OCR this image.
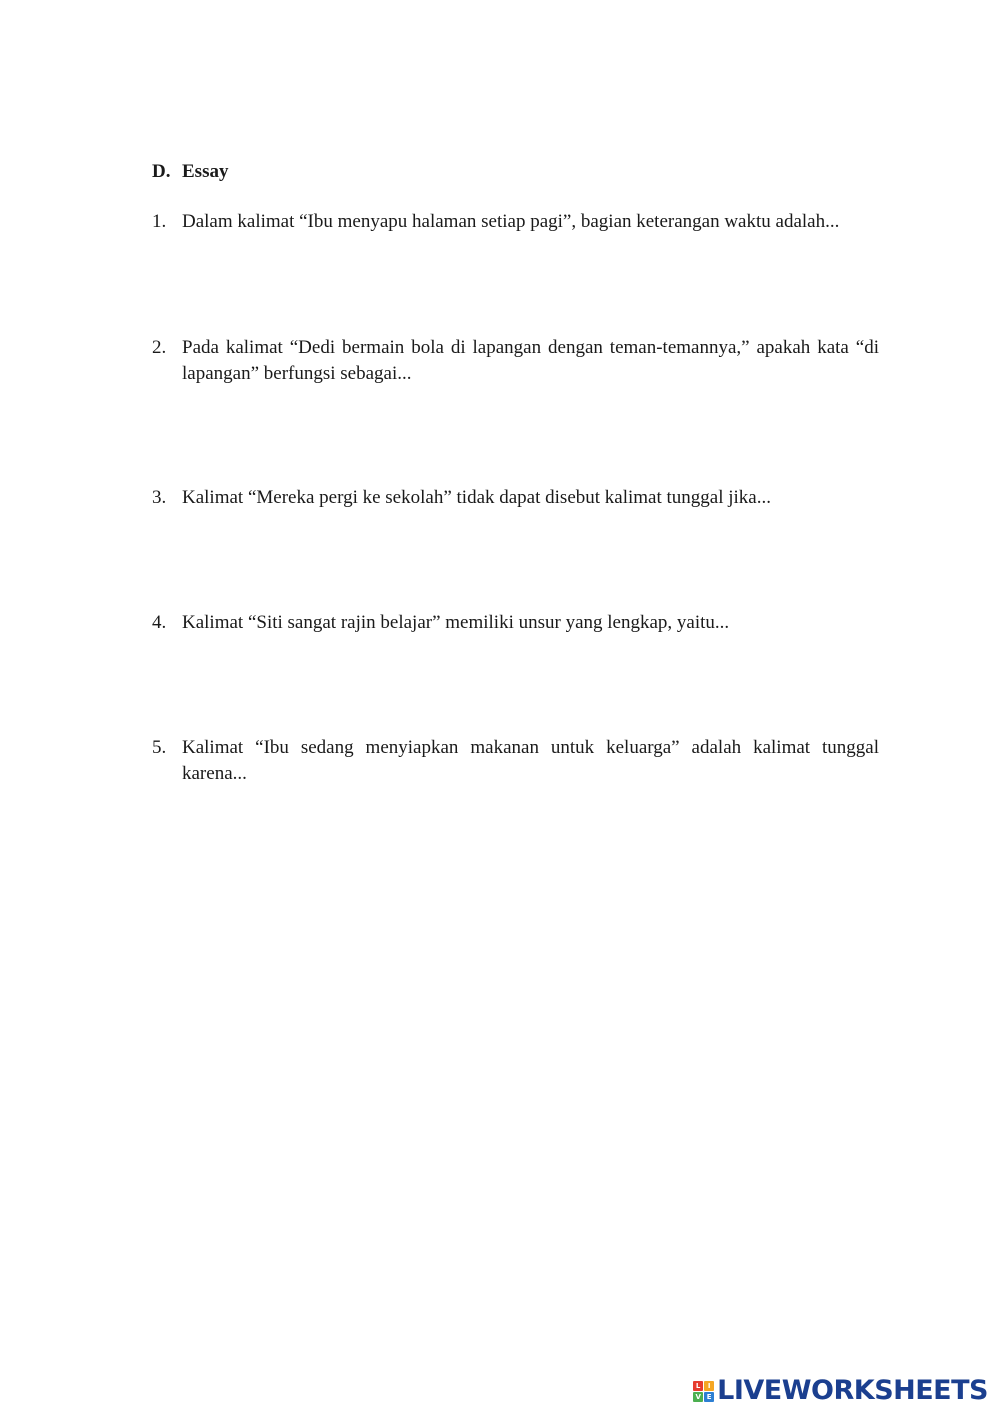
D. Essay
1. Dalam kalimat “Ibu menyapu halaman setiap pagi”, bagian keterangan waktu adalah...
2. Pada kalimat “Dedi bermain bola di lapangan dengan teman-temannya,” apakah kata “di lapangan” berfungsi sebagai...
3. Kalimat “Mereka pergi ke sekolah” tidak dapat disebut kalimat tunggal jika...
4. Kalimat “Siti sangat rajin belajar” memiliki unsur yang lengkap, yaitu...
5. Kalimat “Ibu sedang menyiapkan makanan untuk keluarga” adalah kalimat tunggal karena...
L	I
V E LIVEWORKSHEETS
